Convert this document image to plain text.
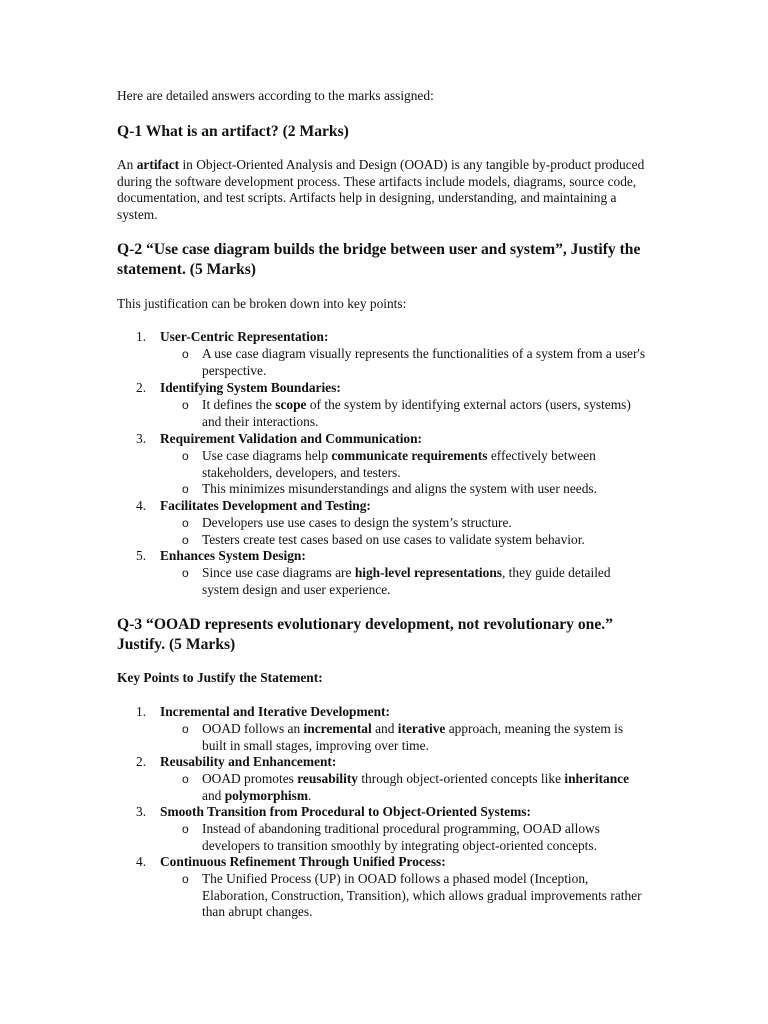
Here are detailed answers according to the marks assigned:

Q-1 What is an artifact? (2 Marks)

An artifact in Object-Oriented Analysis and Design (OOAD) is any tangible by-product produced during the software development process. These artifacts include models, diagrams, source code, documentation, and test scripts. Artifacts help in designing, understanding, and maintaining a system.

Q-2 “Use case diagram builds the bridge between user and system”, Justify the statement. (5 Marks)

This justification can be broken down into key points:

1. User-Centric Representation:
o A use case diagram visually represents the functionalities of a system from a user's perspective.
2. Identifying System Boundaries:
o It defines the scope of the system by identifying external actors (users, systems) and their interactions.
3. Requirement Validation and Communication:
o Use case diagrams help communicate requirements effectively between stakeholders, developers, and testers.
o This minimizes misunderstandings and aligns the system with user needs.
4. Facilitates Development and Testing:
o Developers use use cases to design the system’s structure.
o Testers create test cases based on use cases to validate system behavior.
5. Enhances System Design:
o Since use case diagrams are high-level representations, they guide detailed system design and user experience.
Q-3 “OOAD represents evolutionary development, not revolutionary one.” Justify. (5 Marks)
Key Points to Justify the Statement:
1. Incremental and Iterative Development:
o OOAD follows an incremental and iterative approach, meaning the system is built in small stages, improving over time.
2. Reusability and Enhancement:
o OOAD promotes reusability through object-oriented concepts like inheritance and polymorphism.
3. Smooth Transition from Procedural to Object-Oriented Systems:
o Instead of abandoning traditional procedural programming, OOAD allows developers to transition smoothly by integrating object-oriented concepts.
4. Continuous Refinement Through Unified Process:
o The Unified Process (UP) in OOAD follows a phased model (Inception, Elaboration, Construction, Transition), which allows gradual improvements rather than abrupt changes.
